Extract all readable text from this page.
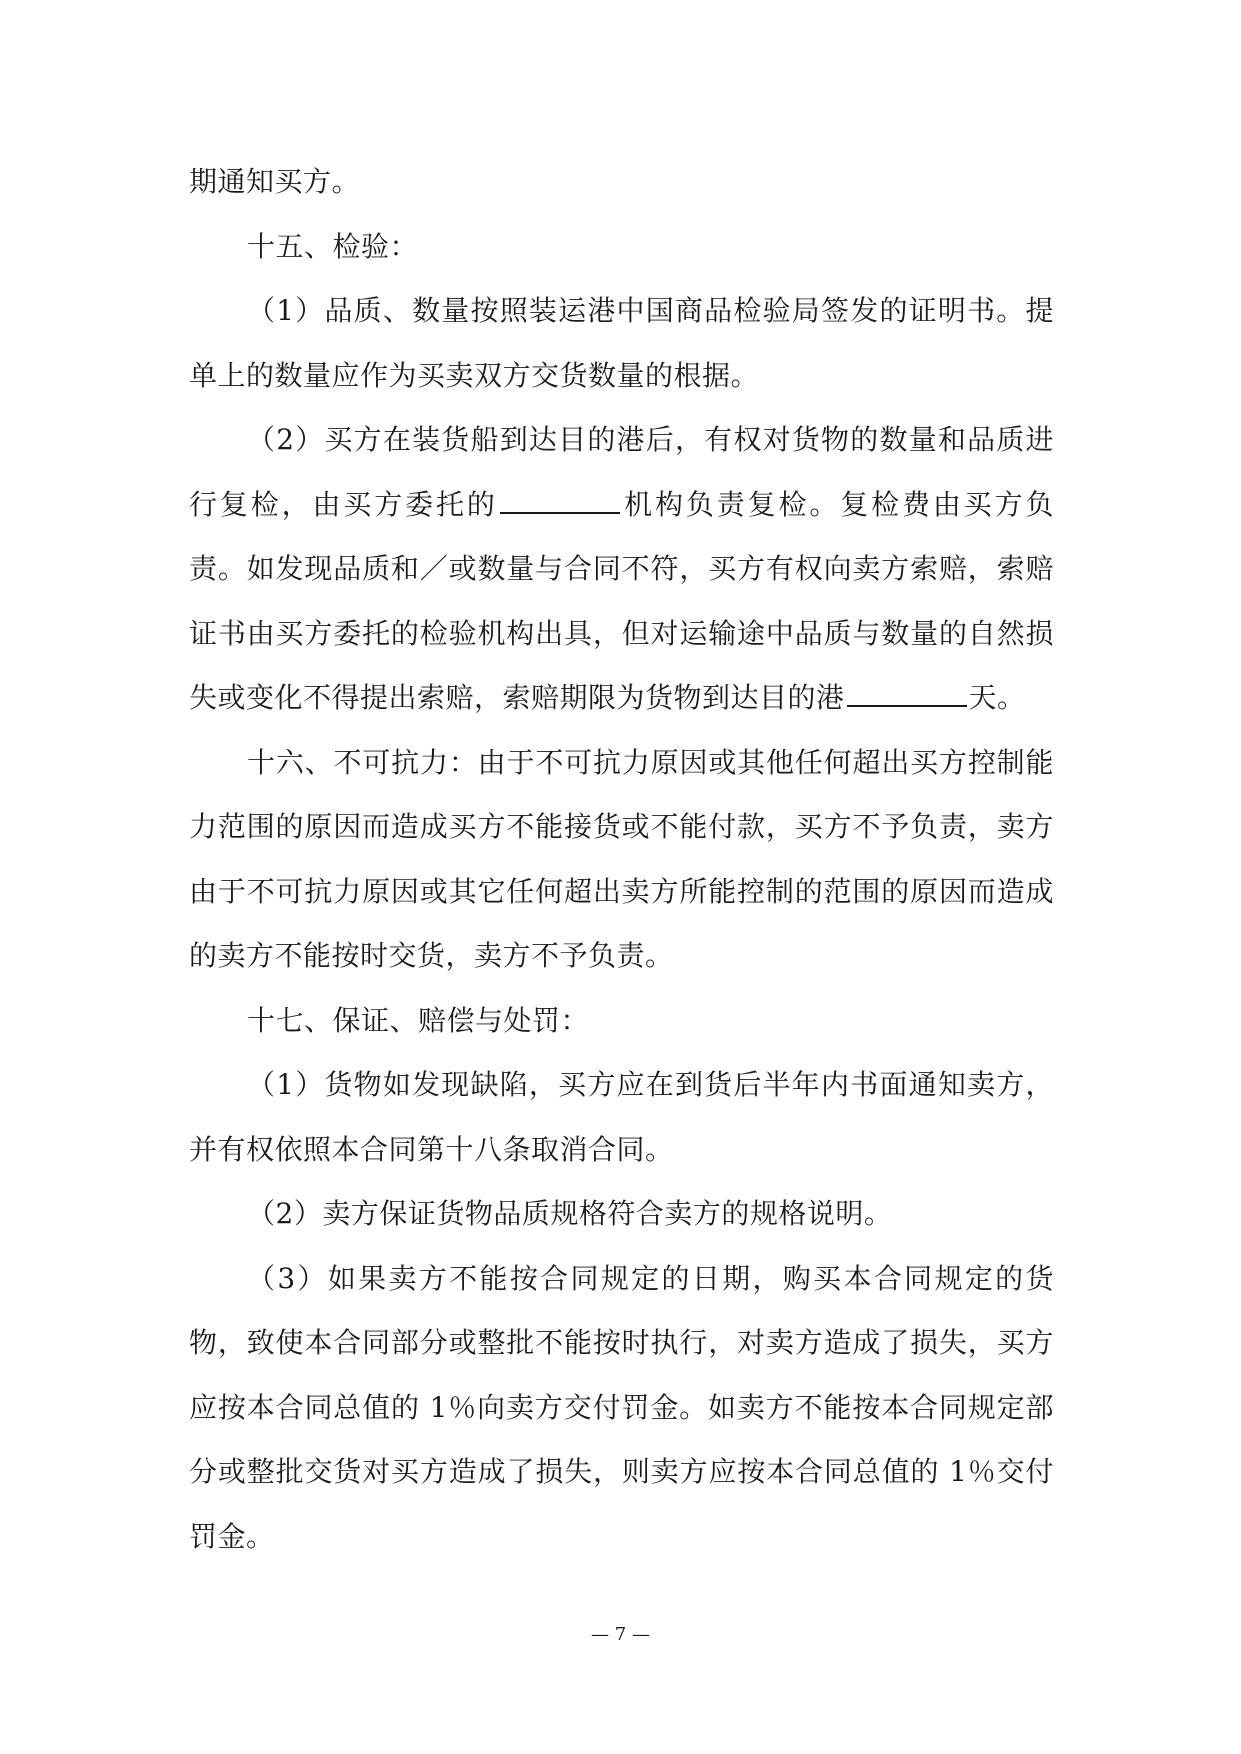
期通知买方。

十五、检验：

（1）品质、数量按照装运港中国商品检验局签发的证明书。提单上的数量应作为买卖双方交货数量的根据。

（2）买方在装货船到达目的港后，有权对货物的数量和品质进行复检，由买方委托的	机构负责复检。复检费由买方负责。如发现品质和／或数量与合同不符，买方有权向卖方索赔，索赔证书由买方委托的检验机构出具，但对运输途中品质与数量的自然损失或变化不得提出索赔，索赔期限为货物到达目的港	天。

十六、不可抗力：由于不可抗力原因或其他任何超出买方控制能力范围的原因而造成买方不能接货或不能付款，买方不予负责，卖方由于不可抗力原因或其它任何超出卖方所能控制的范围的原因而造成的卖方不能按时交货，卖方不予负责。

十七、保证、赔偿与处罚：

（1）货物如发现缺陷，买方应在到货后半年内书面通知卖方，并有权依照本合同第十八条取消合同。

（2）卖方保证货物品质规格符合卖方的规格说明。

（3）如果卖方不能按合同规定的日期，购买本合同规定的货物，致使本合同部分或整批不能按时执行，对卖方造成了损失，买方应按本合同总值的 1％向卖方交付罚金。如卖方不能按本合同规定部分或整批交货对买方造成了损失，则卖方应按本合同总值的 1％交付罚金。

— 7 —
